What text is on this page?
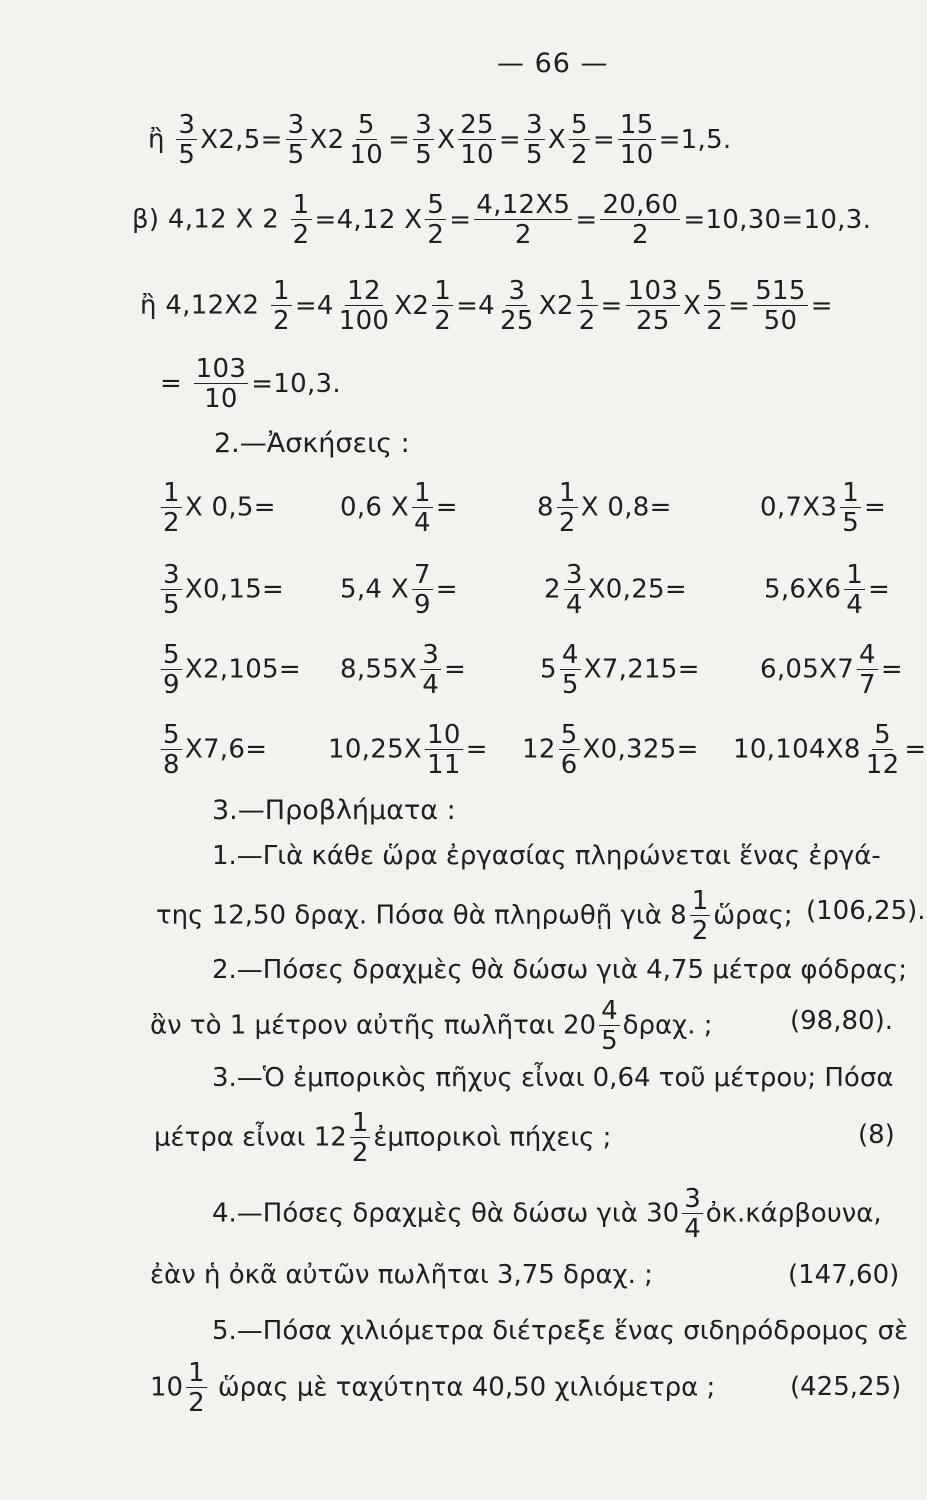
— 66 —
ἢ $\frac{3}{5} X2,5= \frac{3}{5} X2 \frac{5}{10} = \frac{3}{5}$ X $\frac{25}{10} = \frac{3}{5}$ X $\frac{5}{2} = \frac{15}{10} =1,5$.
β) 4,12 X $2 \frac{1}{2} =4,12$ X $\frac{5}{2} = \frac{4,12X5}{2} = \frac{20,60}{2} =10,30=10,3$.
ἢ $4,12X2 \frac{1}{2} =4 \frac{12}{100} X2 \frac{1}{2} =4 \frac{3}{25} X2 \frac{1}{2} = \frac{103}{25}$ X $\frac{5}{2} = \frac{515}{50}$ =
= $\frac{103}{10} =10,3$.
2.—Ἀσκήσεις :
$\frac{1}{2}$ X 0,5= 0,6 X $\frac{1}{4}$ =	$8 \frac{1}{2}$ X 0,8=	$0,7X3 \frac{1}{5}$ =
$\frac{3}{5} X0,15= 5,4$ X $\frac{7}{9}$ =	$2 \frac{3}{4} X0,25=$	$5,6X6 \frac{1}{4}$ =
$\frac{5}{9} X2,105= 8,55X \frac{3}{4}$ =	$5 \frac{4}{5} X7,215= 6,05X7 \frac{4}{7}$ =
$\frac{5}{8} X7,6= 10,25X \frac{10}{11} = 12 \frac{5}{6} X0,325= 10,104X8 \frac{5}{12}$ =
3.—Προβλήματα :
1.—Γιὰ κάθε ὥρα ἐργασίας πληρώνεται ἕνας ἐργά-
της 12,50 δραχ. Πόσα θὰ πληρωθῇ γιὰ $8 \frac{1}{2}$ ὥρας; (106,25).
2.—Πόσες δραχμὲς θὰ δώσω γιὰ 4,75 μέτρα φόδρας;
ἂν τὸ 1 μέτρον αὐτῆς πωλῆται $20 \frac{4}{5} \delta\rho\alpha\chi$. ;	(98,80).
3.—Ὁ ἐμπορικὸς πῆχυς εἶναι 0,64 τοῦ μέτρου; Πόσα
μέτρα εἶναι $12 \frac{1}{2}$ ἐμπορικοὶ πήχεις ;	(8)
4.—Πόσες δραχμὲς θὰ δώσω γιὰ $30 \frac{3}{4}$ ὀκ.κάρβουνα,
ἐὰν ἡ ὀκᾶ αὐτῶν πωλῆται 3,75 δραχ. ;	(147,60)
5.—Πόσα χιλιόμετρα διέτρεξε ἕνας σιδηρόδρομος σὲ
$10 \frac{1}{2}$ ὥρας μὲ ταχύτητα 40,50 χιλιόμετρα ;	(425,25)
